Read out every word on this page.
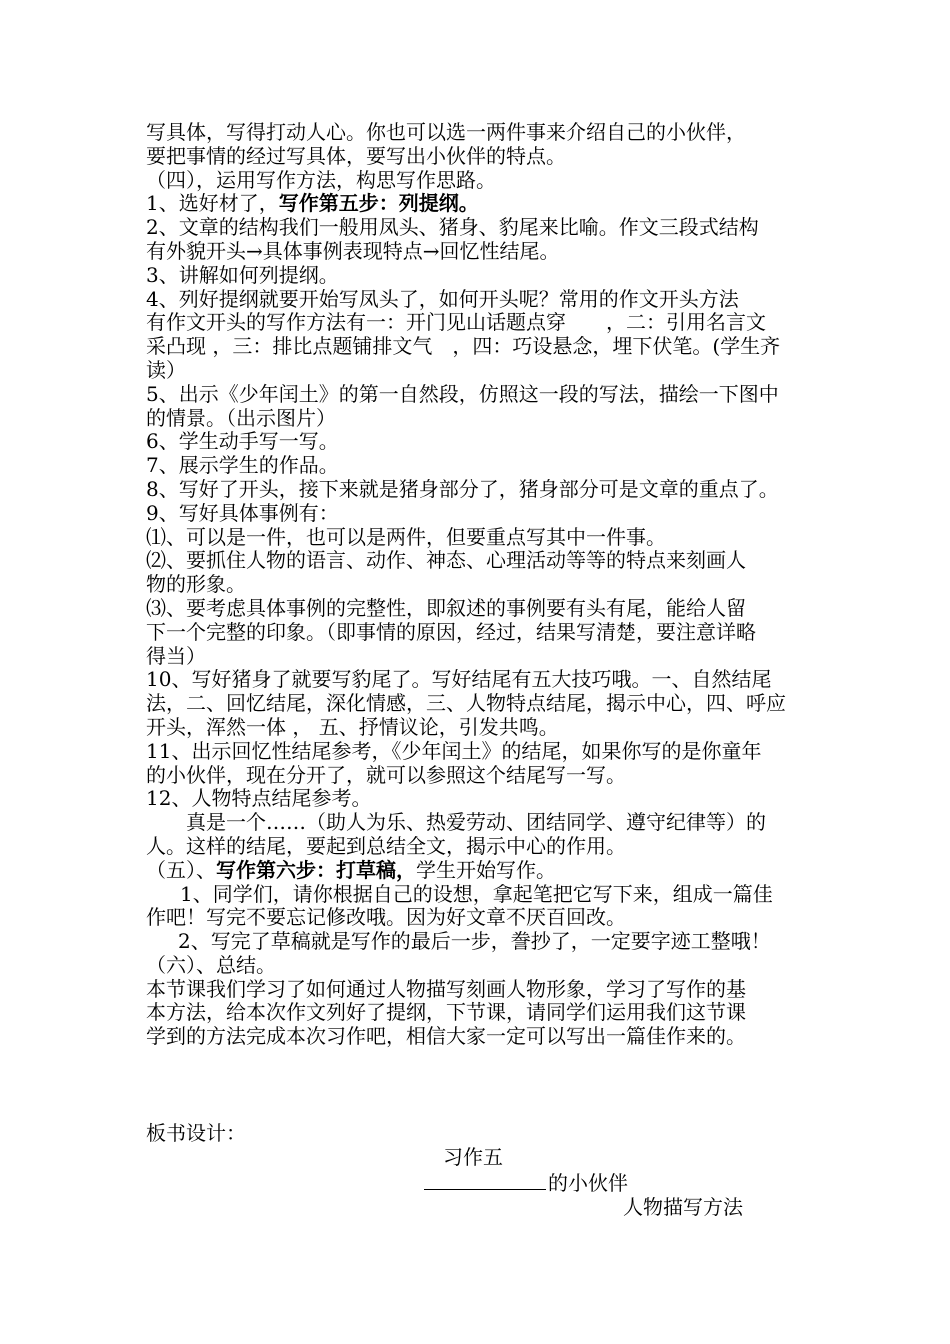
写具体，写得打动人心。你也可以选一两件事来介绍自己的小伙伴，
要把事情的经过写具体，要写出小伙伴的特点。
（四），运用写作方法，构思写作思路。
1、选好材了，写作第五步：列提纲。
2、文章的结构我们一般用凤头、猪身、豹尾来比喻。作文三段式结构
有外貌开头→具体事例表现特点→回忆性结尾。
3、讲解如何列提纲。
4、列好提纲就要开始写凤头了，如何开头呢？常用的作文开头方法
有作文开头的写作方法有一：开门见山话题点穿　　，二：引用名言文
采凸现 ，三：排比点题铺排文气　，四：巧设悬念，埋下伏笔。(学生齐
读）
5、出示《少年闰土》的第一自然段，仿照这一段的写法，描绘一下图中
的情景。（出示图片）
6、学生动手写一写。
7、展示学生的作品。
8、写好了开头，接下来就是猪身部分了，猪身部分可是文章的重点了。
9、写好具体事例有：
⑴、可以是一件，也可以是两件，但要重点写其中一件事。
⑵、要抓住人物的语言、动作、神态、心理活动等等的特点来刻画人
物的形象。
⑶、要考虑具体事例的完整性，即叙述的事例要有头有尾，能给人留
下一个完整的印象。（即事情的原因，经过，结果写清楚，要注意详略
得当）
10、写好猪身了就要写豹尾了。写好结尾有五大技巧哦。一、自然结尾
法，二、回忆结尾，深化情感，三、人物特点结尾，揭示中心，四、呼应
开头，浑然一体 ， 五、抒情议论，引发共鸣。
11、出示回忆性结尾参考，《少年闰土》的结尾，如果你写的是你童年
的小伙伴，现在分开了，就可以参照这个结尾写一写。
12、人物特点结尾参考。
真是一个……（助人为乐、热爱劳动、团结同学、遵守纪律等）的
人。这样的结尾，要起到总结全文，揭示中心的作用。
（五）、写作第六步：打草稿，学生开始写作。
1、同学们，请你根据自己的设想，拿起笔把它写下来，组成一篇佳
作吧！写完不要忘记修改哦。因为好文章不厌百回改。
2、写完了草稿就是写作的最后一步，誊抄了，一定要字迹工整哦！
（六）、总结。
本节课我们学习了如何通过人物描写刻画人物形象，学习了写作的基
本方法，给本次作文列好了提纲，下节课，请同学们运用我们这节课
学到的方法完成本次习作吧，相信大家一定可以写出一篇佳作来的。
板书设计：
习作五
的小伙伴
人物描写方法
